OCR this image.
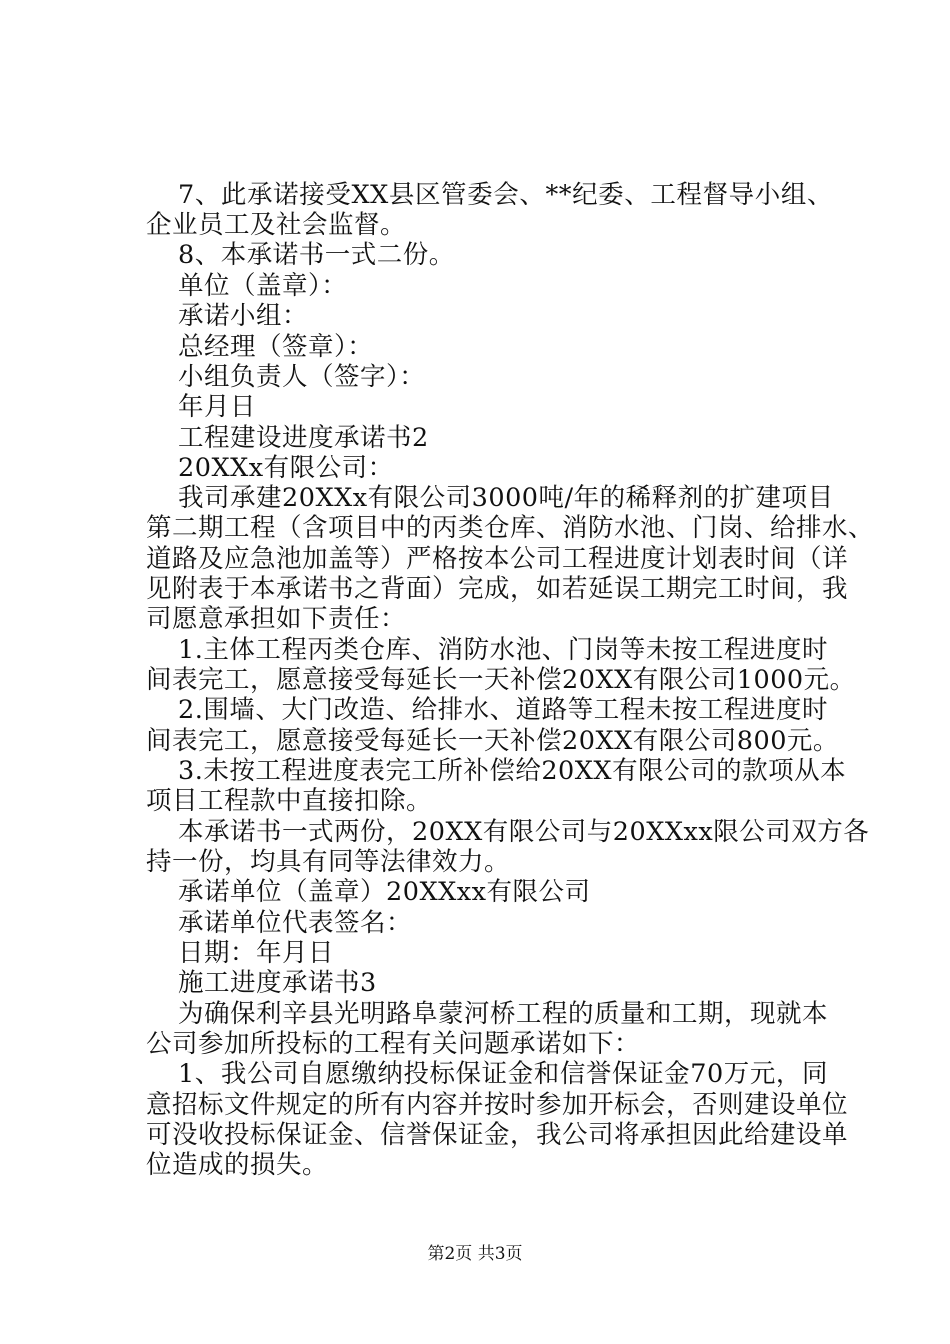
7、此承诺接受XX县区管委会、**纪委、工程督导小组、
企业员工及社会监督。
8、本承诺书一式二份。
单位（盖章）：
承诺小组：
总经理（签章）：
小组负责人（签字）：
年月日
工程建设进度承诺书2
20XXx有限公司：
我司承建20XXx有限公司3000吨/年的稀释剂的扩建项目
第二期工程（含项目中的丙类仓库、消防水池、门岗、给排水、
道路及应急池加盖等）严格按本公司工程进度计划表时间（详
见附表于本承诺书之背面）完成，如若延误工期完工时间，我
司愿意承担如下责任：
1.主体工程丙类仓库、消防水池、门岗等未按工程进度时
间表完工，愿意接受每延长一天补偿20XX有限公司1000元。
2.围墙、大门改造、给排水、道路等工程未按工程进度时
间表完工，愿意接受每延长一天补偿20XX有限公司800元。
3.未按工程进度表完工所补偿给20XX有限公司的款项从本
项目工程款中直接扣除。
本承诺书一式两份，20XX有限公司与20XXxx限公司双方各
持一份，均具有同等法律效力。
承诺单位（盖章）20XXxx有限公司
承诺单位代表签名：
日期：年月日
施工进度承诺书3
为确保利辛县光明路阜蒙河桥工程的质量和工期，现就本
公司参加所投标的工程有关问题承诺如下：
1、我公司自愿缴纳投标保证金和信誉保证金70万元，同
意招标文件规定的所有内容并按时参加开标会，否则建设单位
可没收投标保证金、信誉保证金，我公司将承担因此给建设单
位造成的损失。
第2页 共3页
